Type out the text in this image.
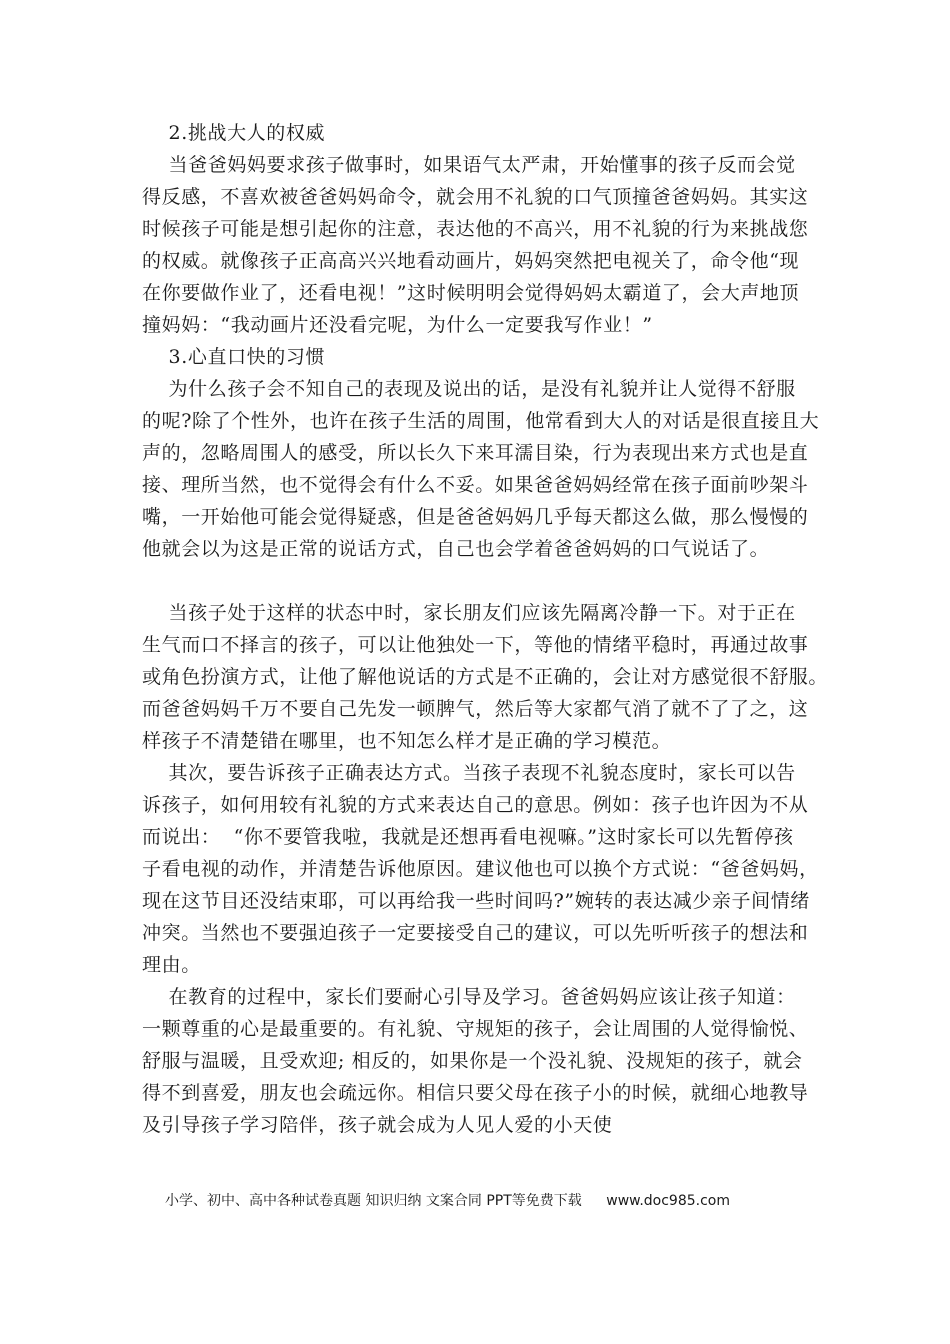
2.挑战大人的权威
当爸爸妈妈要求孩子做事时，如果语气太严肃，开始懂事的孩子反而会觉
得反感，不喜欢被爸爸妈妈命令，就会用不礼貌的口气顶撞爸爸妈妈。其实这
时候孩子可能是想引起你的注意，表达他的不高兴，用不礼貌的行为来挑战您
的权威。就像孩子正高高兴兴地看动画片，妈妈突然把电视关了，命令他“现
在你要做作业了，还看电视！”这时候明明会觉得妈妈太霸道了，会大声地顶
撞妈妈：“我动画片还没看完呢，为什么一定要我写作业！”
3.心直口快的习惯
为什么孩子会不知自己的表现及说出的话，是没有礼貌并让人觉得不舒服
的呢?除了个性外，也许在孩子生活的周围，他常看到大人的对话是很直接且大
声的，忽略周围人的感受，所以长久下来耳濡目染，行为表现出来方式也是直
接、理所当然，也不觉得会有什么不妥。如果爸爸妈妈经常在孩子面前吵架斗
嘴，一开始他可能会觉得疑惑，但是爸爸妈妈几乎每天都这么做，那么慢慢的
他就会以为这是正常的说话方式，自己也会学着爸爸妈妈的口气说话了。
当孩子处于这样的状态中时，家长朋友们应该先隔离冷静一下。对于正在
生气而口不择言的孩子，可以让他独处一下，等他的情绪平稳时，再通过故事
或角色扮演方式，让他了解他说话的方式是不正确的，会让对方感觉很不舒服。
而爸爸妈妈千万不要自己先发一顿脾气，然后等大家都气消了就不了了之，这
样孩子不清楚错在哪里，也不知怎么样才是正确的学习模范。
其次，要告诉孩子正确表达方式。当孩子表现不礼貌态度时，家长可以告
诉孩子，如何用较有礼貌的方式来表达自己的意思。例如：孩子也许因为不从
而说出：  “你不要管我啦，我就是还想再看电视嘛。”这时家长可以先暂停孩
子看电视的动作，并清楚告诉他原因。建议他也可以换个方式说：“爸爸妈妈，
现在这节目还没结束耶，可以再给我一些时间吗?”婉转的表达减少亲子间情绪
冲突。当然也不要强迫孩子一定要接受自己的建议，可以先听听孩子的想法和
理由。
在教育的过程中，家长们要耐心引导及学习。爸爸妈妈应该让孩子知道：
一颗尊重的心是最重要的。有礼貌、守规矩的孩子，会让周围的人觉得愉悦、
舒服与温暖，且受欢迎; 相反的，如果你是一个没礼貌、没规矩的孩子，就会
得不到喜爱，朋友也会疏远你。相信只要父母在孩子小的时候，就细心地教导
及引导孩子学习陪伴，孩子就会成为人见人爱的小天使
小学、初中、高中各种试卷真题 知识归纳 文案合同 PPT等免费下载 www.doc985.com
